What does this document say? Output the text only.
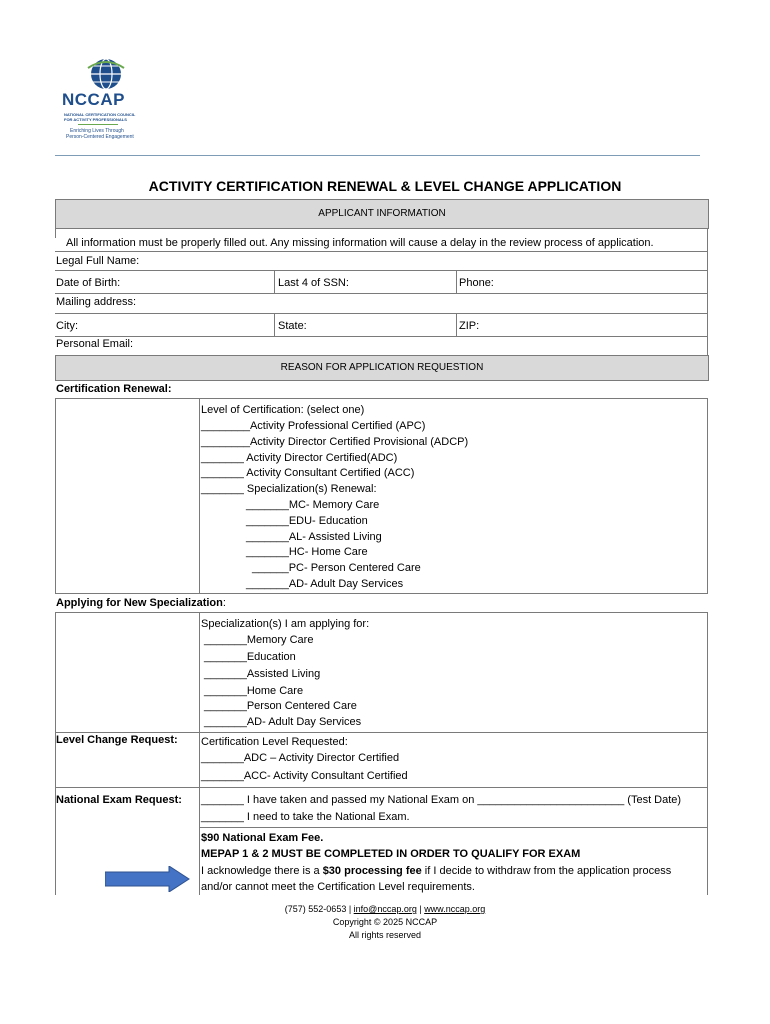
NCCAP
NATIONAL CERTIFICATION COUNCIL
FOR ACTIVITY PROFESSIONALS
Enriching Lives Through
Person-Centered Engagement
ACTIVITY CERTIFICATION RENEWAL & LEVEL CHANGE APPLICATION
APPLICANT INFORMATION
All information must be properly filled out. Any missing information will cause a delay in the review process of application.
Legal Full Name:
Date of Birth:	Last 4 of SSN:	Phone:
Mailing address:
City:	State:	ZIP:
Personal Email:
REASON FOR APPLICATION REQUESTION
Certification Renewal:
Level of Certification: (select one)
________Activity Professional Certified (APC)
________Activity Director Certified Provisional (ADCP)
_______ Activity Director Certified(ADC)
_______ Activity Consultant Certified (ACC)
_______ Specialization(s) Renewal:
_______MC- Memory Care
_______EDU- Education
_______AL- Assisted Living
_______HC- Home Care
______PC- Person Centered Care
_______AD- Adult Day Services
Applying for New Specialization:
Specialization(s) I am applying for:
_______Memory Care
_______Education
_______Assisted Living
_______Home Care
_______Person Centered Care
_______AD- Adult Day Services
Level Change Request: Certification Level Requested:
_______ADC – Activity Director Certified
_______ACC- Activity Consultant Certified
National Exam Request: _______ I have taken and passed my National Exam on ________________________ (Test Date)
_______ I need to take the National Exam.
$90 National Exam Fee.
MEPAP 1 & 2 MUST BE COMPLETED IN ORDER TO QUALIFY FOR EXAM
I acknowledge there is a $30 processing fee if I decide to withdraw from the application process
and/or cannot meet the Certification Level requirements.
(757) 552-0653 | info@nccap.org | www.nccap.org
Copyright © 2025 NCCAP
All rights reserved
